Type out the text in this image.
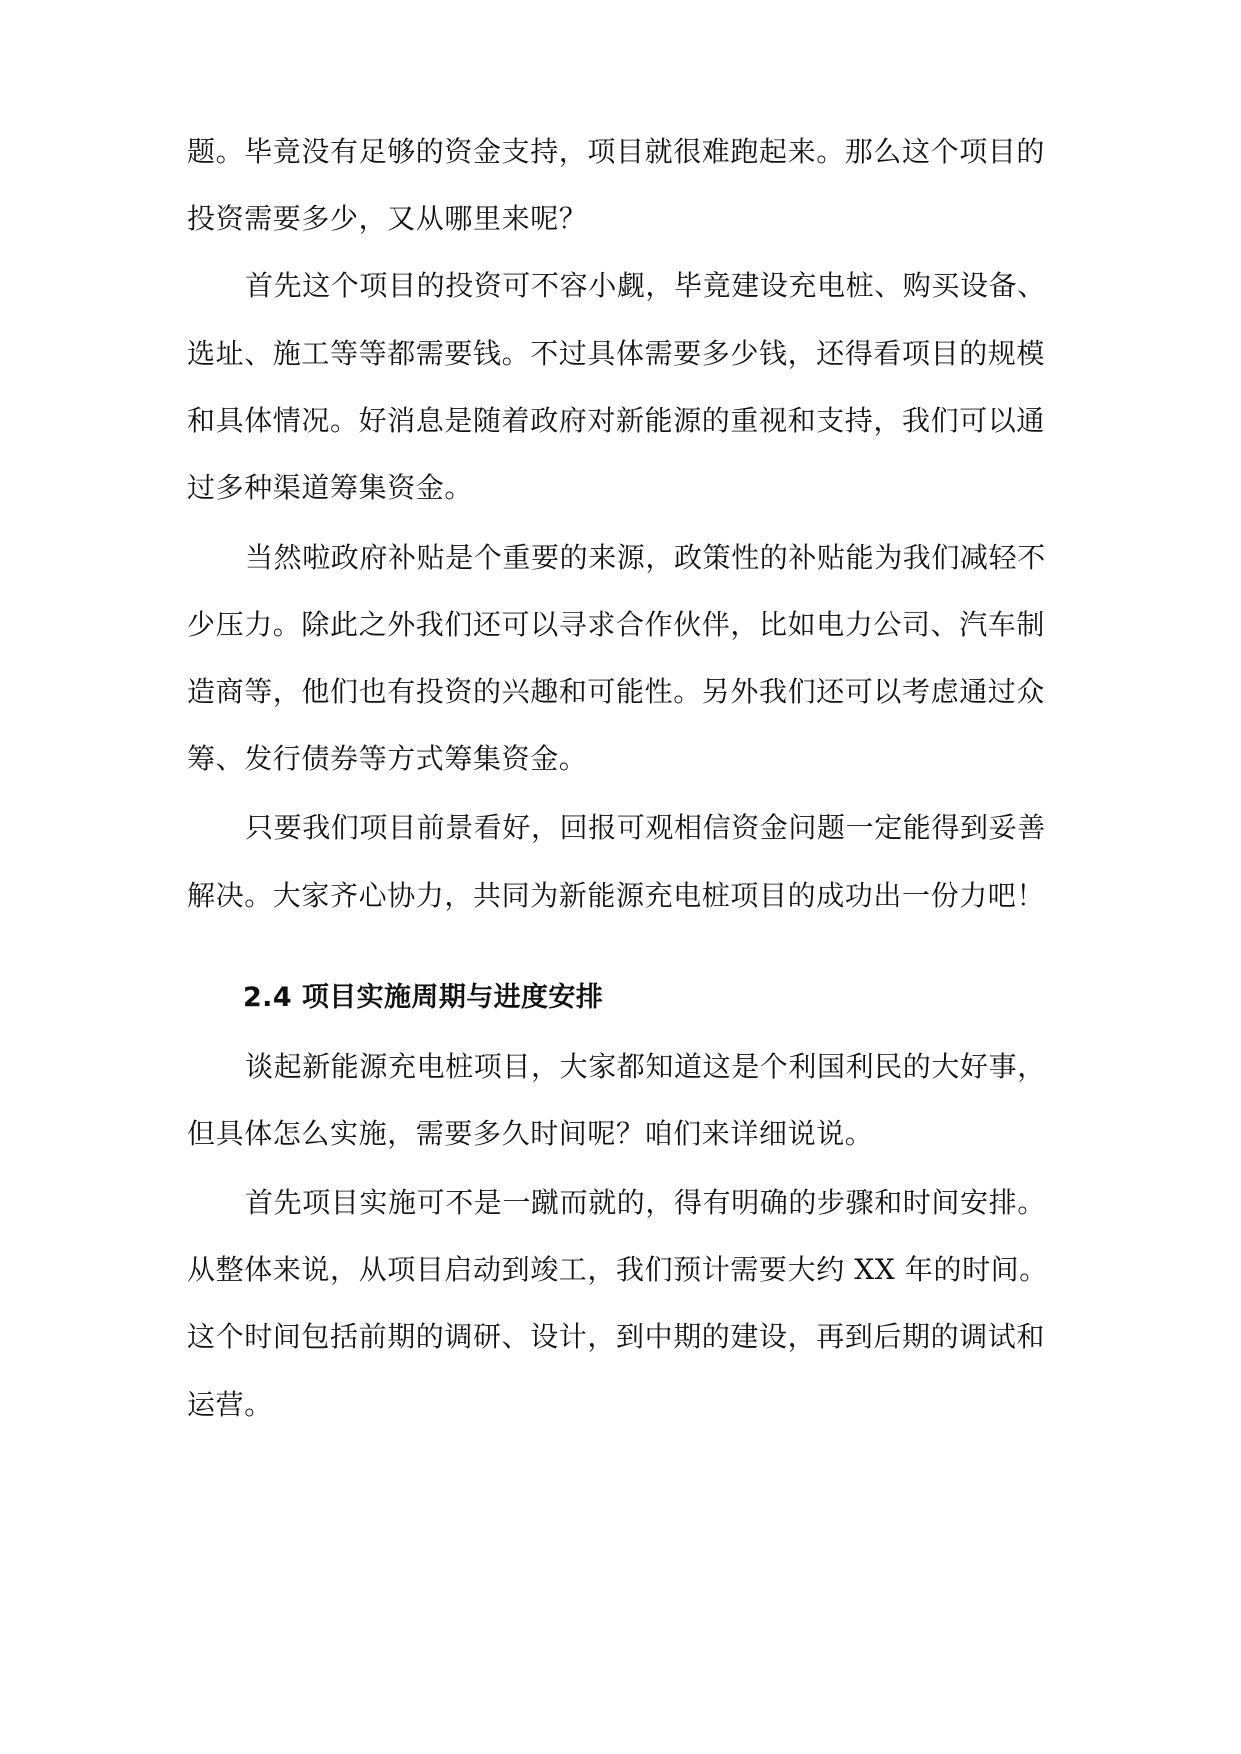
题。毕竟没有足够的资金支持，项目就很难跑起来。那么这个项目的
投资需要多少，又从哪里来呢？
首先这个项目的投资可不容小觑，毕竟建设充电桩、购买设备、
选址、施工等等都需要钱。不过具体需要多少钱，还得看项目的规模
和具体情况。好消息是随着政府对新能源的重视和支持，我们可以通
过多种渠道筹集资金。
当然啦政府补贴是个重要的来源，政策性的补贴能为我们减轻不
少压力。除此之外我们还可以寻求合作伙伴，比如电力公司、汽车制
造商等，他们也有投资的兴趣和可能性。另外我们还可以考虑通过众
筹、发行债券等方式筹集资金。
只要我们项目前景看好，回报可观相信资金问题一定能得到妥善
解决。大家齐心协力，共同为新能源充电桩项目的成功出一份力吧！
2.4 项目实施周期与进度安排
谈起新能源充电桩项目，大家都知道这是个利国利民的大好事，
但具体怎么实施，需要多久时间呢？咱们来详细说说。
首先项目实施可不是一蹴而就的，得有明确的步骤和时间安排。
从整体来说，从项目启动到竣工，我们预计需要大约 XX 年的时间。
这个时间包括前期的调研、设计，到中期的建设，再到后期的调试和
运营。
